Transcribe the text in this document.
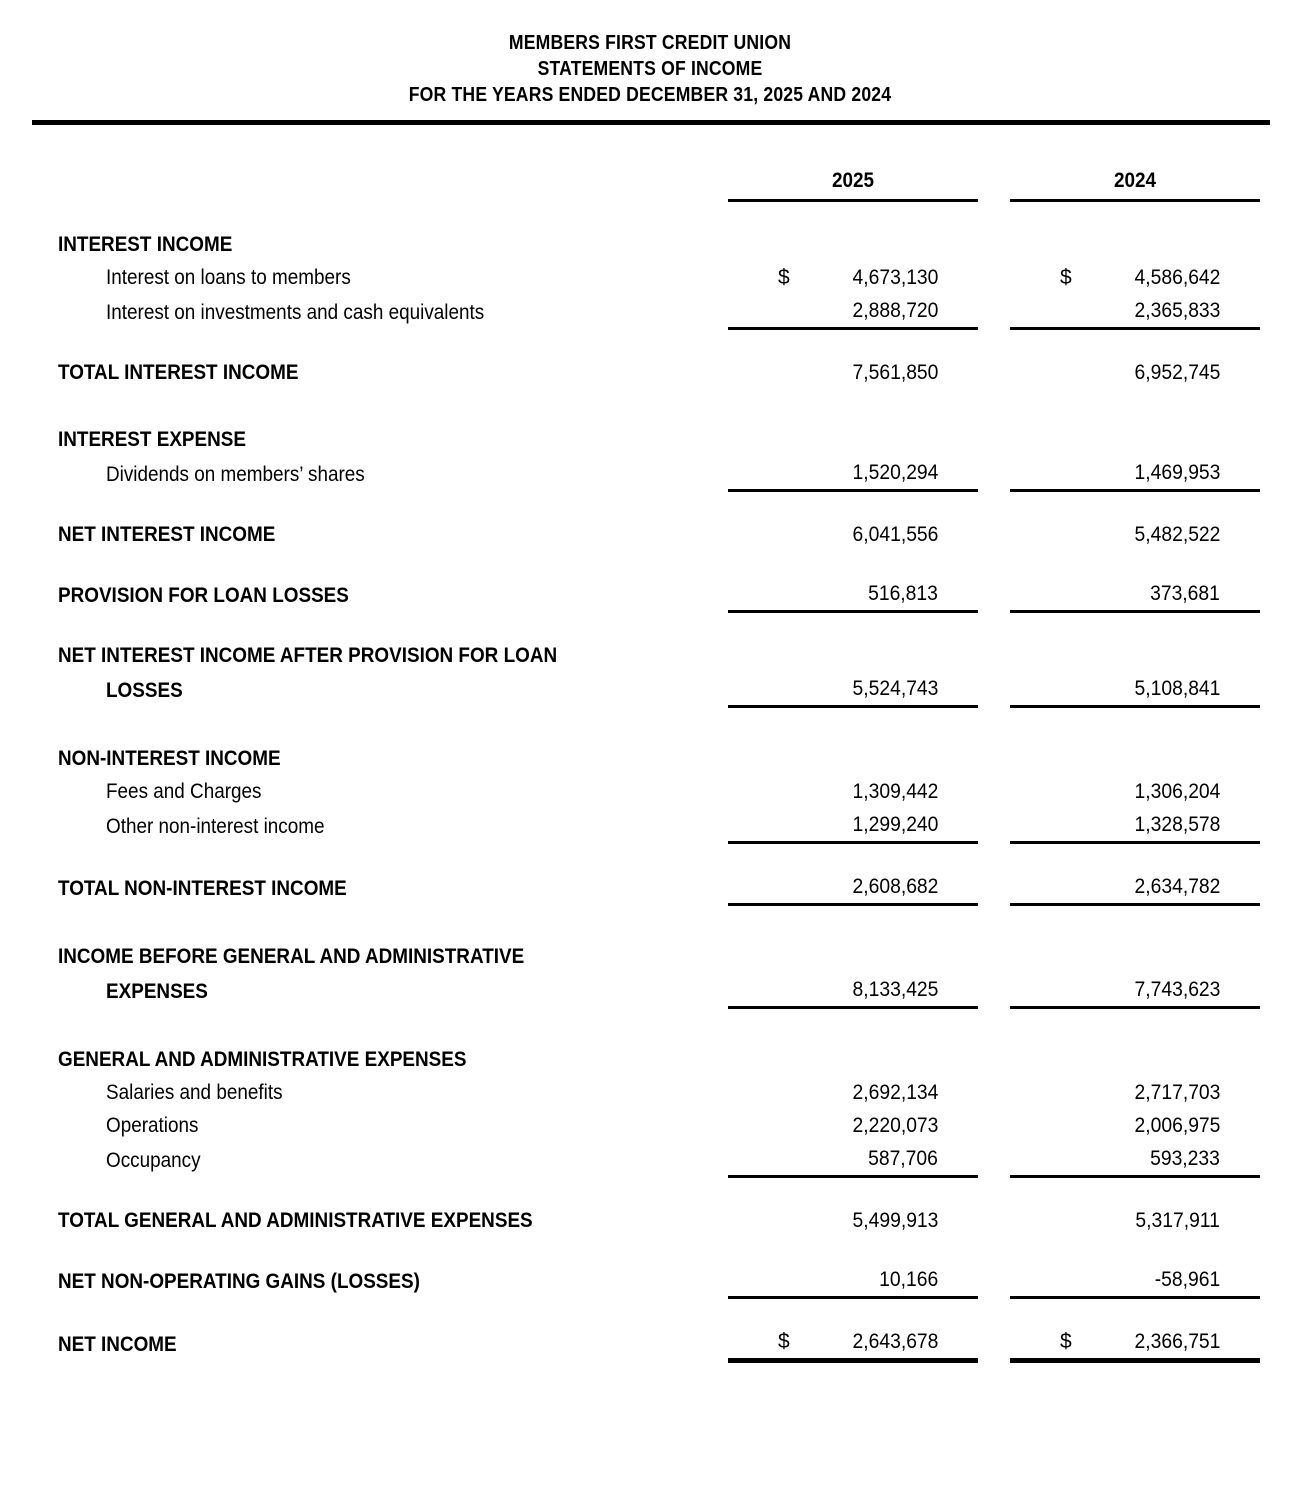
MEMBERS FIRST CREDIT UNION
STATEMENTS OF INCOME
FOR THE YEARS ENDED DECEMBER 31, 2025 AND 2024
		2025		2024	

INTEREST INCOME					
Interest on loans to members		$ 4,673,130		$ 4,586,642	
Interest on investments and cash equivalents		2,888,720		2,365,833	

TOTAL INTEREST INCOME		7,561,850		6,952,745	

INTEREST EXPENSE					
Dividends on members’ shares		1,520,294		1,469,953	

NET INTEREST INCOME		6,041,556		5,482,522	

PROVISION FOR LOAN LOSSES		516,813		373,681	

NET INTEREST INCOME AFTER PROVISION FOR LOAN					
LOSSES		5,524,743		5,108,841	

NON-INTEREST INCOME					
Fees and Charges		1,309,442		1,306,204	
Other non-interest income		1,299,240		1,328,578	

TOTAL NON-INTEREST INCOME		2,608,682		2,634,782	

INCOME BEFORE GENERAL AND ADMINISTRATIVE					
EXPENSES		8,133,425		7,743,623	

GENERAL AND ADMINISTRATIVE EXPENSES					
Salaries and benefits		2,692,134		2,717,703	
Operations		2,220,073		2,006,975	
Occupancy		587,706		593,233	

TOTAL GENERAL AND ADMINISTRATIVE EXPENSES		5,499,913		5,317,911	

NET NON-OPERATING GAINS (LOSSES)		10,166		-58,961	

NET INCOME		$ 2,643,678		$ 2,366,751	
